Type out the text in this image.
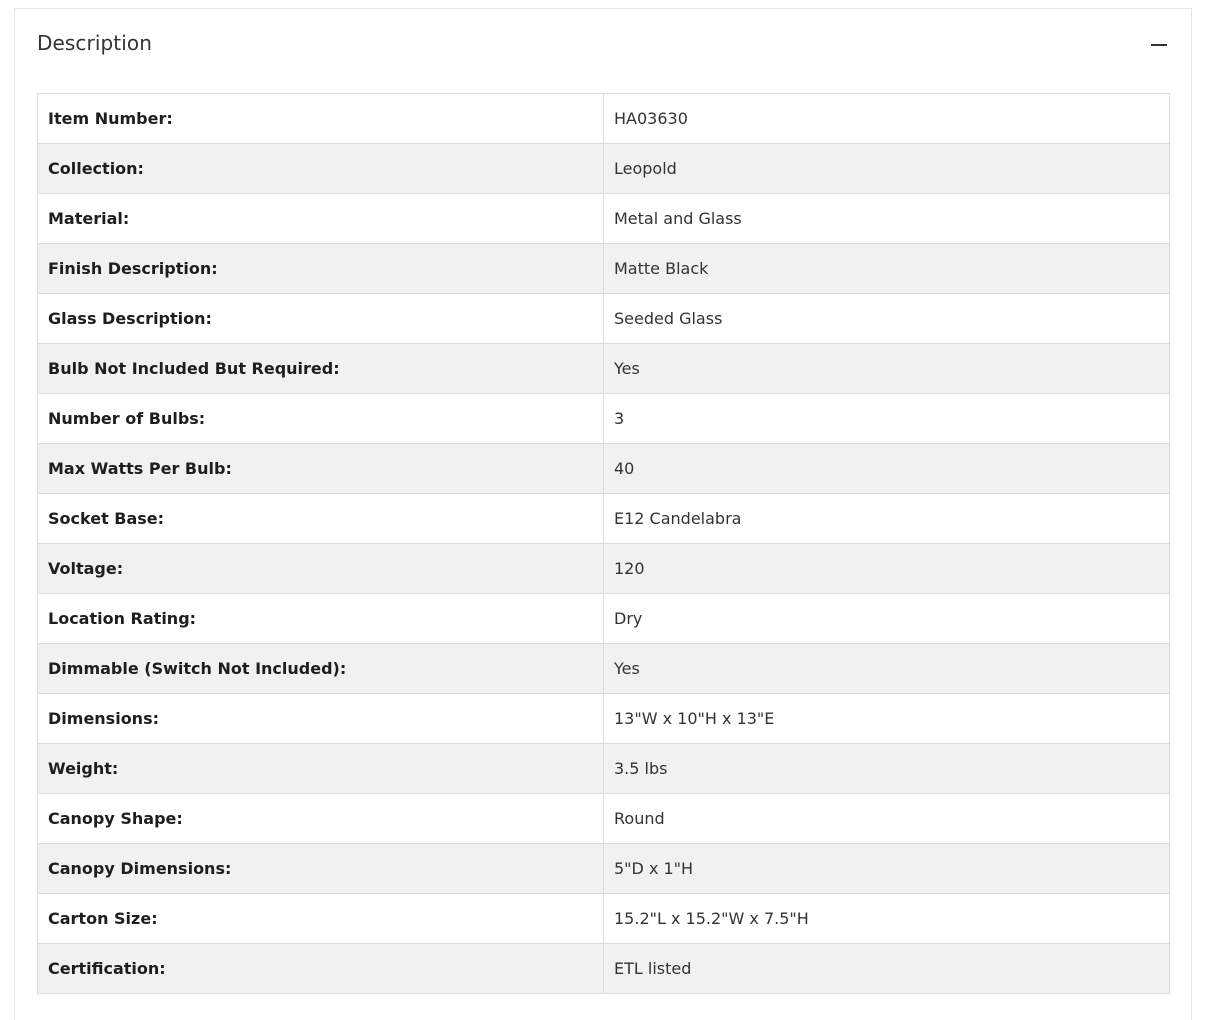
Description
Item Number:	HA03630
Collection:	Leopold
Material:	Metal and Glass
Finish Description:	Matte Black
Glass Description:	Seeded Glass
Bulb Not Included But Required:	Yes
Number of Bulbs:	3
Max Watts Per Bulb:	40
Socket Base:	E12 Candelabra
Voltage:	120
Location Rating:	Dry
Dimmable (Switch Not Included):	Yes
Dimensions:	13"W x 10"H x 13"E
Weight:	3.5 lbs
Canopy Shape:	Round
Canopy Dimensions:	5"D x 1"H
Carton Size:	15.2"L x 15.2"W x 7.5"H
Certification:	ETL listed
